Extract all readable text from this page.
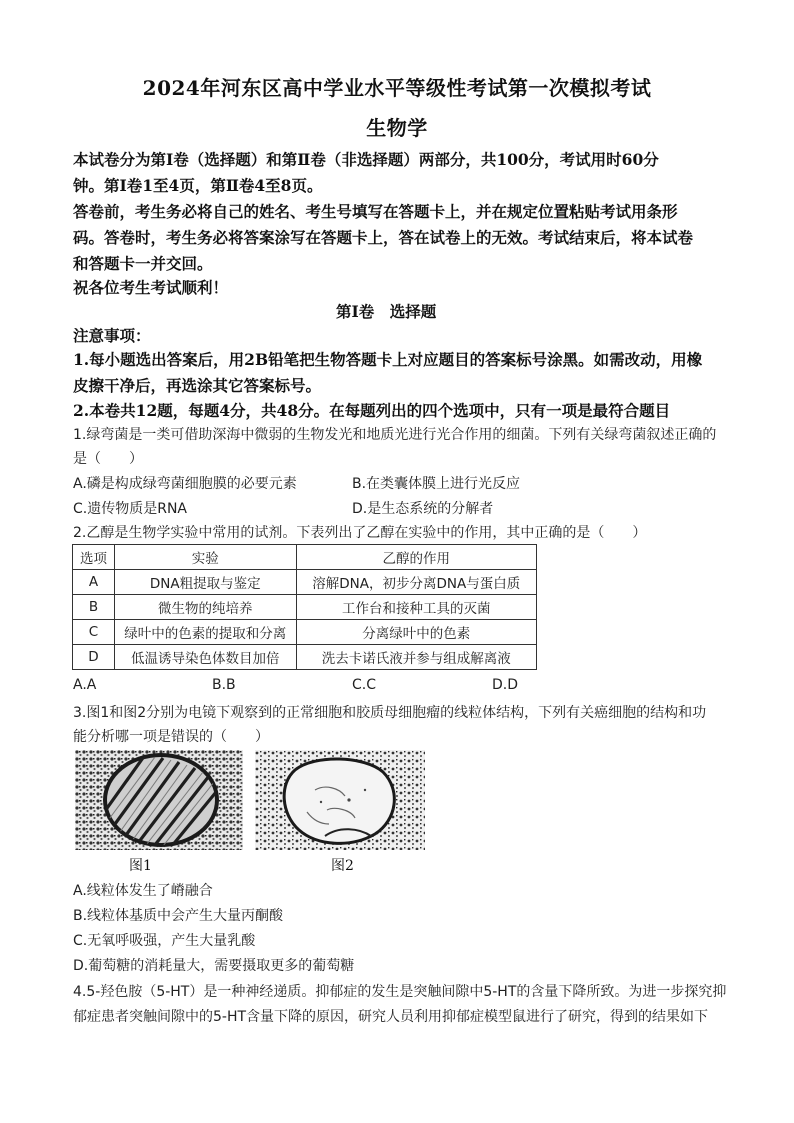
2024年河东区高中学业水平等级性考试第一次模拟考试
生物学
本试卷分为第Ⅰ卷（选择题）和第Ⅱ卷（非选择题）两部分，共100分，考试用时60分
钟。第Ⅰ卷1至4页，第Ⅱ卷4至8页。
答卷前，考生务必将自己的姓名、考生号填写在答题卡上，并在规定位置粘贴考试用条形
码。答卷时，考生务必将答案涂写在答题卡上，答在试卷上的无效。考试结束后，将本试卷
和答题卡一并交回。
祝各位考生考试顺利！
第Ⅰ卷　选择题
注意事项：
1.每小题选出答案后，用2B铅笔把生物答题卡上对应题目的答案标号涂黑。如需改动，用橡
皮擦干净后，再选涂其它答案标号。
2.本卷共12题，每题4分，共48分。在每题列出的四个选项中，只有一项是最符合题目
1.绿弯菌是一类可借助深海中微弱的生物发光和地质光进行光合作用的细菌。下列有关绿弯菌叙述正确的
是（　　）
A.磷是构成绿弯菌细胞膜的必要元素	B.在类囊体膜上进行光反应
C.遗传物质是RNA	D.是生态系统的分解者
2.乙醇是生物学实验中常用的试剂。下表列出了乙醇在实验中的作用，其中正确的是（　　）
选项	实验	乙醇的作用
A	DNA粗提取与鉴定	溶解DNA，初步分离DNA与蛋白质
B	微生物的纯培养	工作台和接种工具的灭菌
C	绿叶中的色素的提取和分离	分离绿叶中的色素
D	低温诱导染色体数目加倍	洗去卡诺氏液并参与组成解离液
A.A	B.B	C.C	D.D
3.图1和图2分别为电镜下观察到的正常细胞和胶质母细胞瘤的线粒体结构，下列有关癌细胞的结构和功
能分析哪一项是错误的（　　）
图1	图2
A.线粒体发生了嵴融合
B.线粒体基质中会产生大量丙酮酸
C.无氧呼吸强，产生大量乳酸
D.葡萄糖的消耗量大，需要摄取更多的葡萄糖
4.5-羟色胺（5-HT）是一种神经递质。抑郁症的发生是突触间隙中5-HT的含量下降所致。为进一步探究抑
郁症患者突触间隙中的5-HT含量下降的原因，研究人员利用抑郁症模型鼠进行了研究，得到的结果如下
